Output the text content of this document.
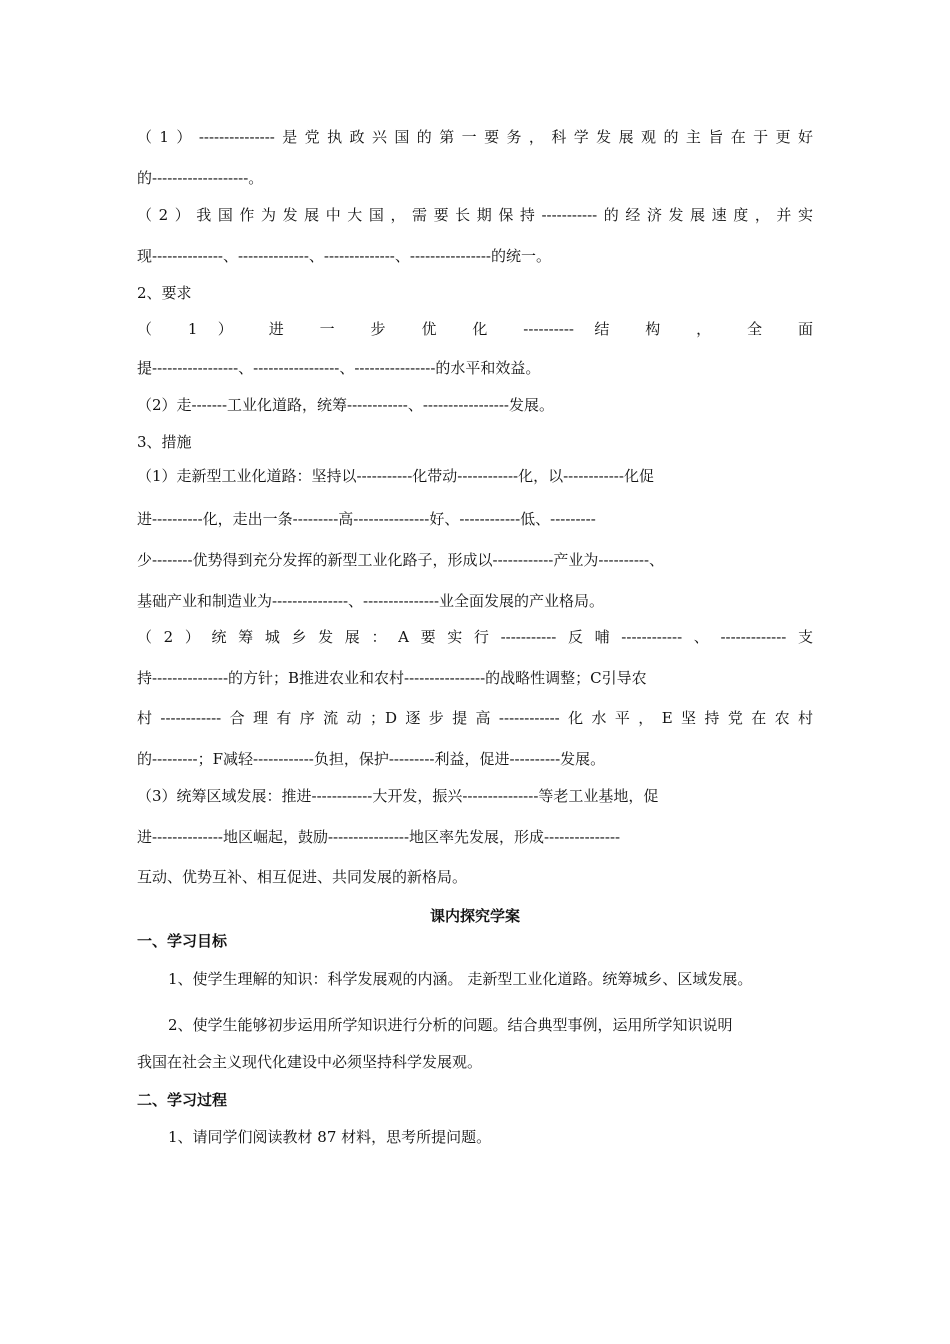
（1）---------------是党执政兴国的第一要务，科学发展观的主旨在于更好
的-------------------。
（2）我国作为发展中大国，需要长期保持-----------的经济发展速度，并实
现--------------、--------------、--------------、----------------的统一。
2、要求
（ 1 ） 进 一 步 优 化 ---------- 结 构 ， 全 面
提-----------------、-----------------、----------------的水平和效益。
（2）走-------工业化道路，统筹------------、-----------------发展。
3、措施
（1）走新型工业化道路：坚持以-----------化带动------------化，以------------化促
进----------化，走出一条---------高---------------好、------------低、---------
少--------优势得到充分发挥的新型工业化路子，形成以------------产业为----------、
基础产业和制造业为---------------、---------------业全面发展的产业格局。
（2）统筹城乡发展：A要实行-----------反哺------------、-------------支
持---------------的方针；B推进农业和农村----------------的战略性调整；C引导农
村------------合理有序流动；D逐步提高------------化水平，E坚持党在农村
的---------；F减轻------------负担，保护---------利益，促进----------发展。
（3）统筹区域发展：推进------------大开发，振兴---------------等老工业基地，促
进--------------地区崛起，鼓励----------------地区率先发展，形成---------------
互动、优势互补、相互促进、共同发展的新格局。
课内探究学案
一、学习目标
1、使学生理解的知识：科学发展观的内涵。 走新型工业化道路。统筹城乡、区域发展。
2、使学生能够初步运用所学知识进行分析的问题。结合典型事例，运用所学知识说明
我国在社会主义现代化建设中必须坚持科学发展观。
二、学习过程
1、请同学们阅读教材 87 材料，思考所提问题。
